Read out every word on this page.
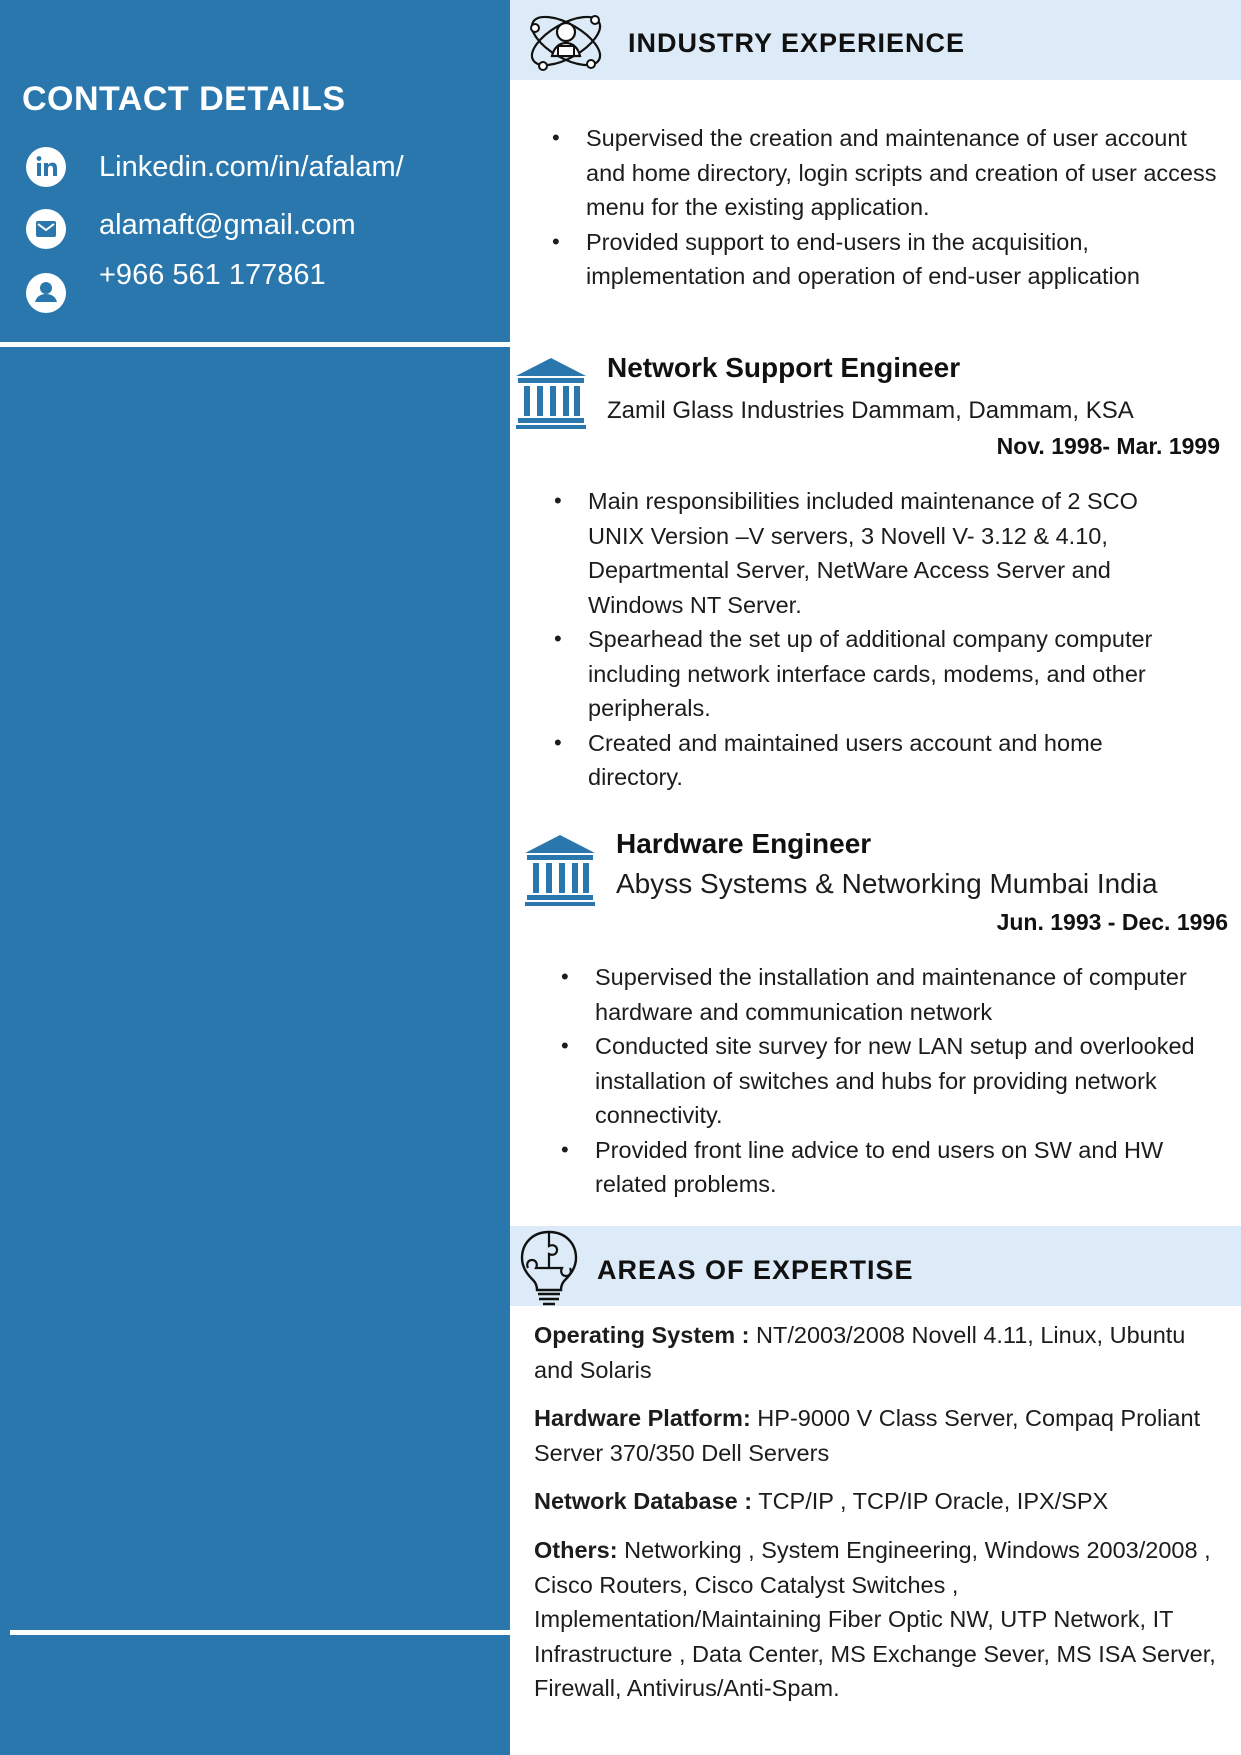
CONTACT DETAILS
Linkedin.com/in/afalam/
alamaft@gmail.com
+966 561 177861
INDUSTRY EXPERIENCE
• Supervised the creation and maintenance of user account and home directory, login scripts and creation of user access menu for the existing application.
• Provided support to end-users in the acquisition, implementation and operation of end-user application
Network Support Engineer
Zamil Glass Industries Dammam, Dammam, KSA
Nov. 1998- Mar. 1999
• Main responsibilities included maintenance of 2 SCO UNIX Version –V servers, 3 Novell V- 3.12 & 4.10, Departmental Server, NetWare Access Server and Windows NT Server.
• Spearhead the set up of additional company computer including network interface cards, modems, and other peripherals.
• Created and maintained users account and home directory.
Hardware Engineer
Abyss Systems & Networking Mumbai India
Jun. 1993 - Dec. 1996
• Supervised the installation and maintenance of computer hardware and communication network
• Conducted site survey for new LAN setup and overlooked installation of switches and hubs for providing network connectivity.
• Provided front line advice to end users on SW and HW related problems.
AREAS OF EXPERTISE
Operating System : NT/2003/2008 Novell 4.11, Linux, Ubuntu and Solaris
Hardware Platform: HP-9000 V Class Server, Compaq Proliant Server 370/350 Dell Servers
Network Database : TCP/IP , TCP/IP Oracle, IPX/SPX
Others: Networking , System Engineering, Windows 2003/2008 , Cisco Routers, Cisco Catalyst Switches , Implementation/Maintaining Fiber Optic NW, UTP Network, IT Infrastructure , Data Center, MS Exchange Sever, MS ISA Server, Firewall, Antivirus/Anti-Spam.
